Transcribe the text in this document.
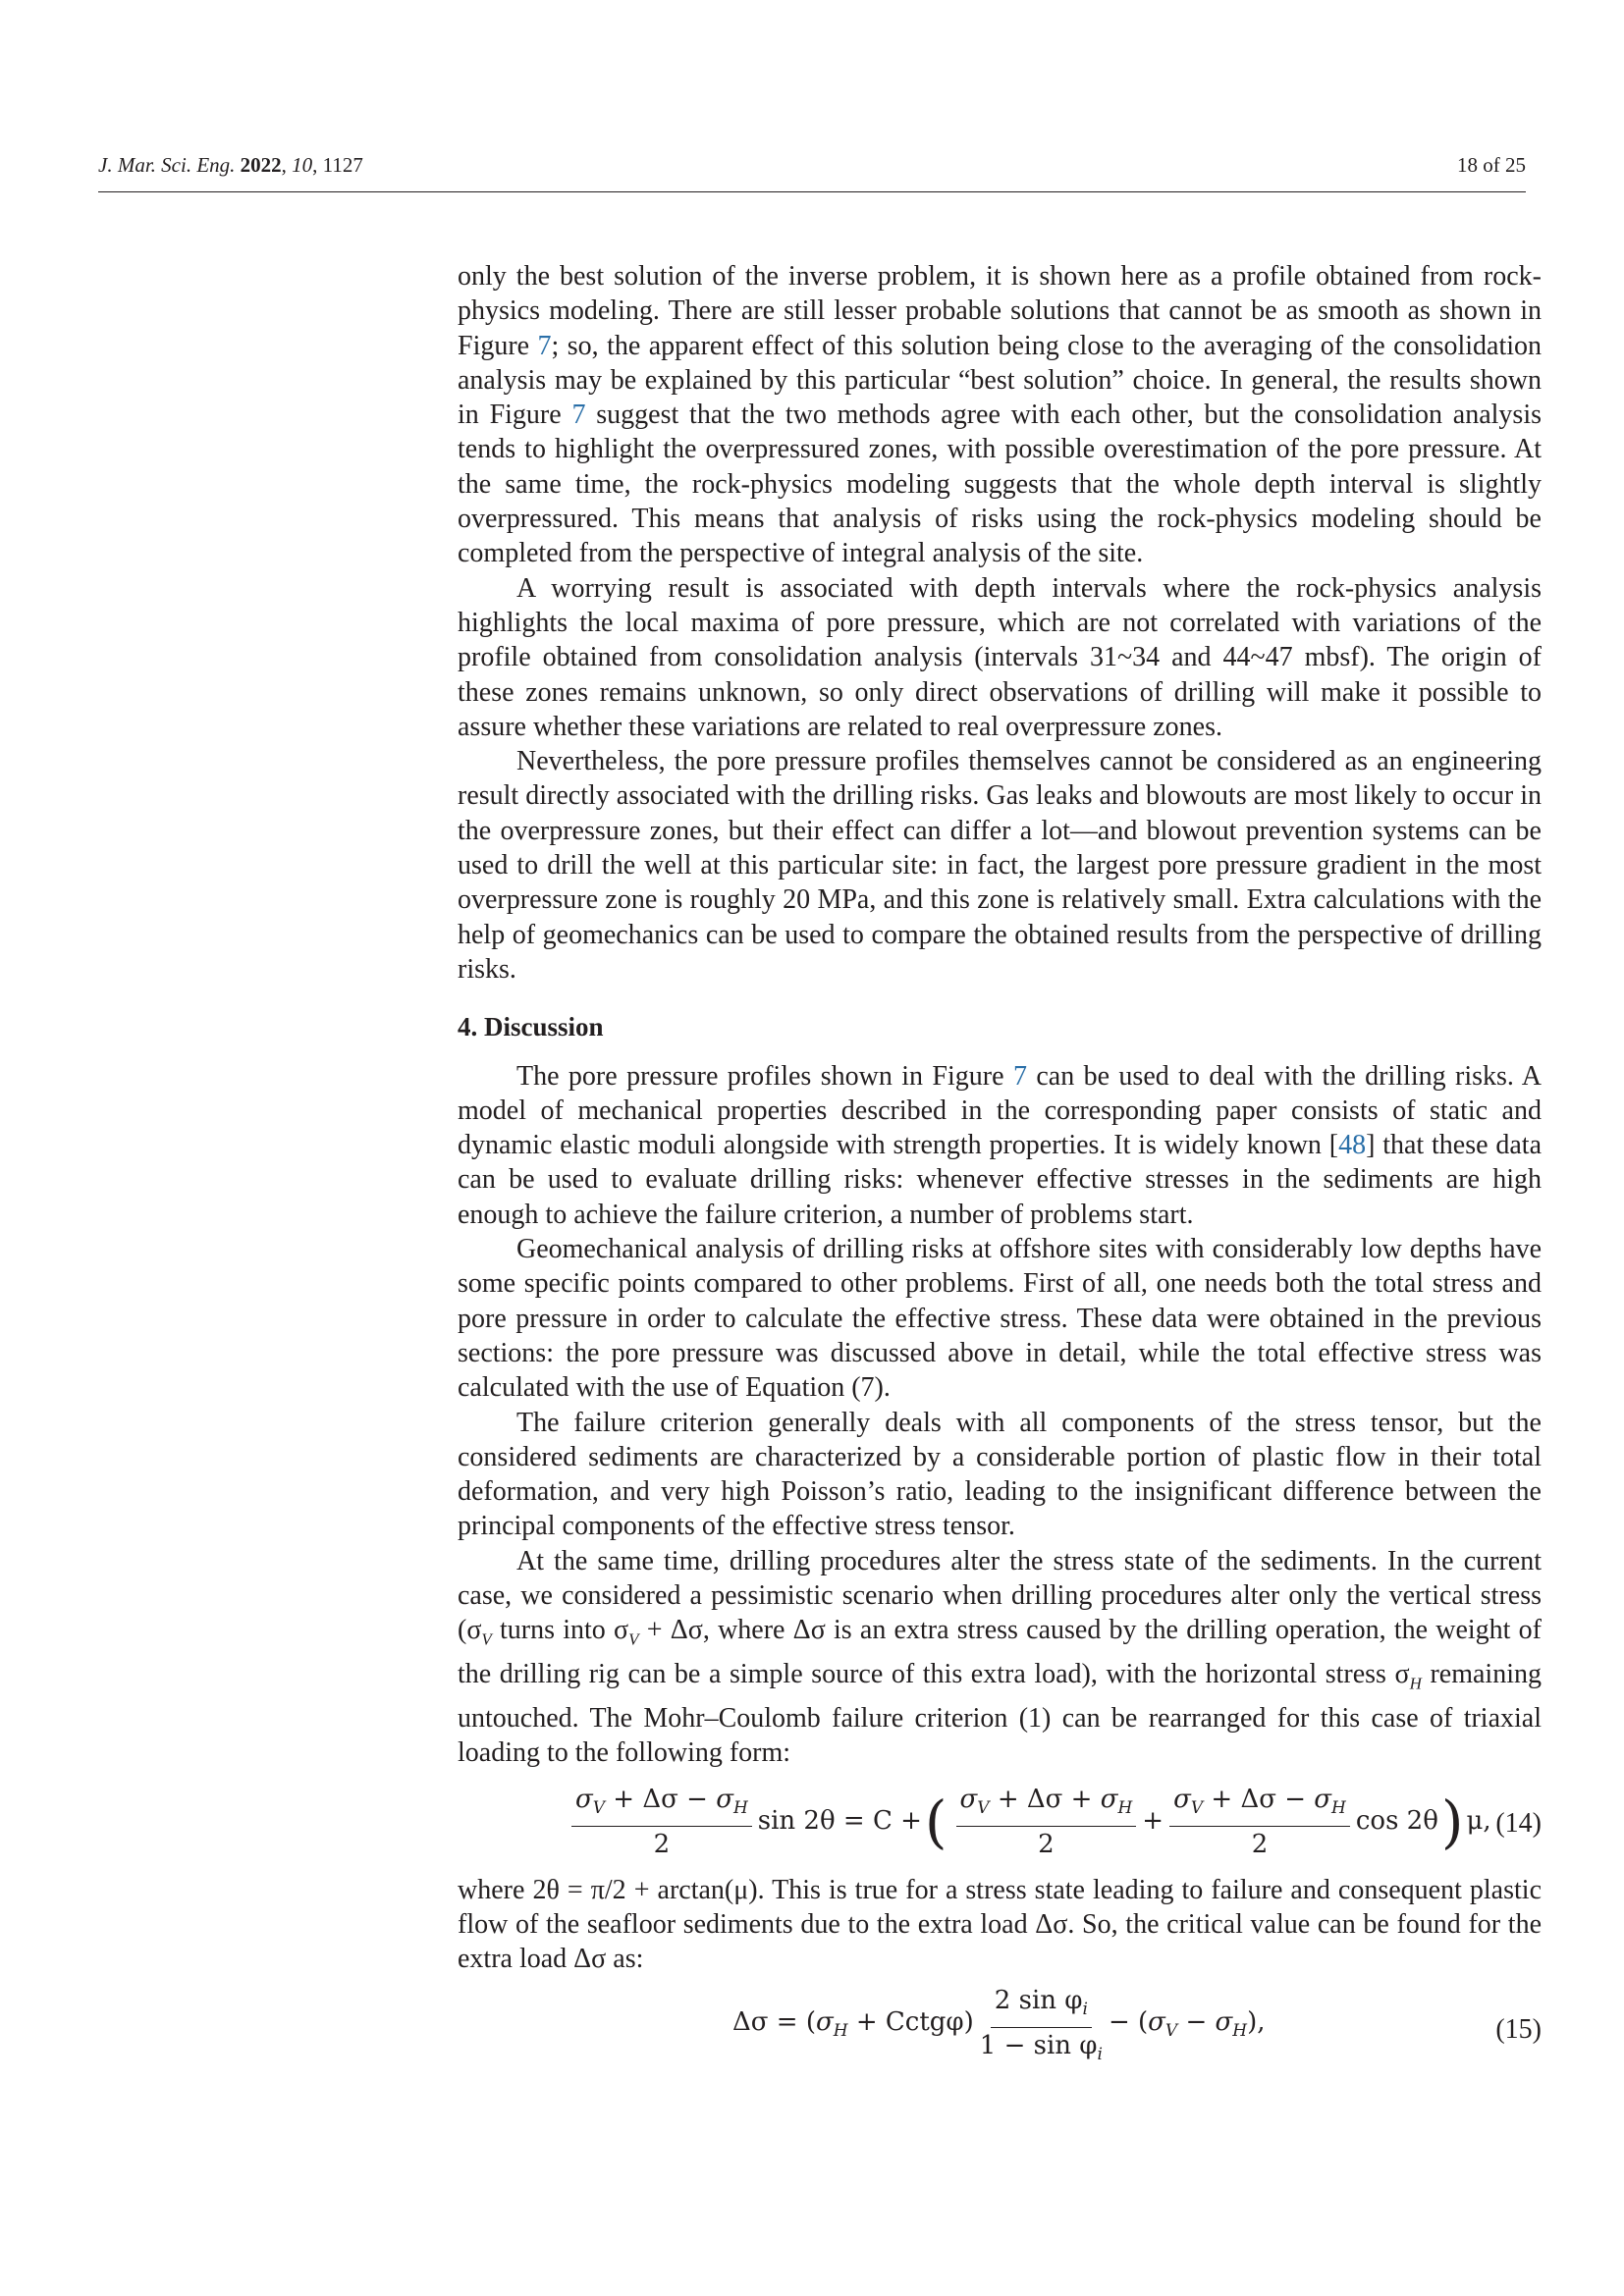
J. Mar. Sci. Eng. 2022, 10, 1127	18 of 25

only the best solution of the inverse problem, it is shown here as a profile obtained from rock-physics modeling. There are still lesser probable solutions that cannot be as smooth as shown in Figure 7; so, the apparent effect of this solution being close to the averaging of the consolidation analysis may be explained by this particular “best solution” choice. In general, the results shown in Figure 7 suggest that the two methods agree with each other, but the consolidation analysis tends to highlight the overpressured zones, with possible overestimation of the pore pressure. At the same time, the rock-physics modeling suggests that the whole depth interval is slightly overpressured. This means that analysis of risks using the rock-physics modeling should be completed from the perspective of integral analysis of the site.

A worrying result is associated with depth intervals where the rock-physics analysis highlights the local maxima of pore pressure, which are not correlated with variations of the profile obtained from consolidation analysis (intervals 31~34 and 44~47 mbsf). The origin of these zones remains unknown, so only direct observations of drilling will make it possible to assure whether these variations are related to real overpressure zones.

Nevertheless, the pore pressure profiles themselves cannot be considered as an engineering result directly associated with the drilling risks. Gas leaks and blowouts are most likely to occur in the overpressure zones, but their effect can differ a lot—and blowout prevention systems can be used to drill the well at this particular site: in fact, the largest pore pressure gradient in the most overpressure zone is roughly 20 MPa, and this zone is relatively small. Extra calculations with the help of geomechanics can be used to compare the obtained results from the perspective of drilling risks.

4. Discussion

The pore pressure profiles shown in Figure 7 can be used to deal with the drilling risks. A model of mechanical properties described in the corresponding paper consists of static and dynamic elastic moduli alongside with strength properties. It is widely known [48] that these data can be used to evaluate drilling risks: whenever effective stresses in the sediments are high enough to achieve the failure criterion, a number of problems start.

Geomechanical analysis of drilling risks at offshore sites with considerably low depths have some specific points compared to other problems. First of all, one needs both the total stress and pore pressure in order to calculate the effective stress. These data were obtained in the previous sections: the pore pressure was discussed above in detail, while the total effective stress was calculated with the use of Equation (7).

The failure criterion generally deals with all components of the stress tensor, but the considered sediments are characterized by a considerable portion of plastic flow in their total deformation, and very high Poisson’s ratio, leading to the insignificant difference between the principal components of the effective stress tensor.

At the same time, drilling procedures alter the stress state of the sediments. In the current case, we considered a pessimistic scenario when drilling procedures alter only the vertical stress ($\sigma_V$ turns into $\sigma_V + \Delta\sigma$, where Δσ is an extra stress caused by the drilling operation, the weight of the drilling rig can be a simple source of this extra load), with the horizontal stress $\sigma_H$ remaining untouched. The Mohr–Coulomb failure criterion (1) can be rearranged for this case of triaxial loading to the following form:

$\frac{\sigma_V + \Delta\sigma - \sigma_H}{2}$ sin 2θ = C + ( $\frac{\sigma_V + \Delta\sigma + \sigma_H}{2} + \frac{\sigma_V + \Delta\sigma - \sigma_H}{2}$ cos 2θ ) μ, (14)

where 2θ = π/2 + arctan(μ). This is true for a stress state leading to failure and consequent plastic flow of the seafloor sediments due to the extra load Δσ. So, the critical value can be found for the extra load Δσ as:

$\Delta\sigma = (\sigma_H$ + Cctgφ) $\frac{2 \sin \varphi_i}{1 - \sin \varphi_i} - (\sigma_V - \sigma_H)$,	(15)
